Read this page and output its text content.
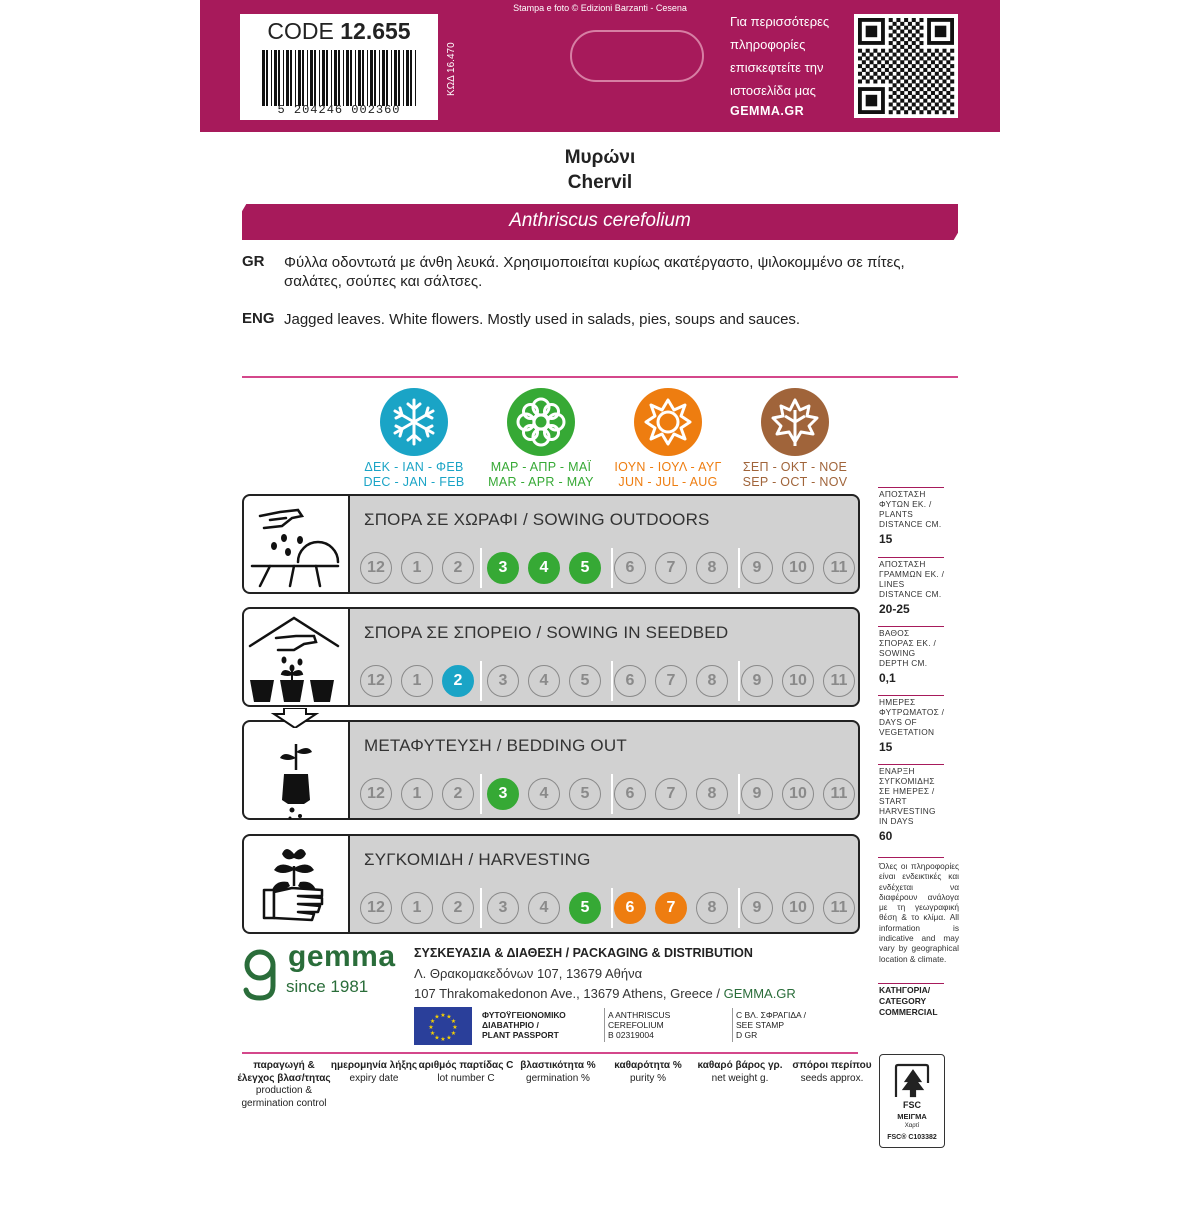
CODE 12.655
5 204246 002360
ΚΩΔ 16.470
Stampa e foto © Edizioni Barzanti - Cesena
Για περισσότερες
πληροφορίες
επισκεφτείτε την
ιστοσελίδα μας
GEMMA.GR
Μυρώνι
Chervil
Anthriscus cerefolium
GR Φύλλα οδοντωτά με άνθη λευκά. Χρησιμοποιείται κυρίως ακατέργαστο, ψιλοκομμένο σε πίτες, σαλάτες, σούπες και σάλτσες.
ENG Jagged leaves. White flowers. Mostly used in salads, pies, soups and sauces.
ΔΕΚ - ΙΑΝ - ΦΕΒ
DEC - JAN - FEB
ΜΑΡ - ΑΠΡ - ΜΑΪ
MAR - APR - MAY
ΙΟΥΝ - ΙΟΥΛ - ΑΥΓ
JUN - JUL - AUG
ΣΕΠ - ΟΚΤ - ΝΟΕ
SEP - OCT - NOV
ΣΠΟΡΑ ΣΕ ΧΩΡΑΦΙ / SOWING OUTDOORS
12	1	2	3	4	5	6	7	8	9	10	11
ΣΠΟΡΑ ΣΕ ΣΠΟΡΕΙΟ / SOWING IN SEEDBED
12	1	2	3	4	5	6	7	8	9	10	11
ΜΕΤΑΦΥΤΕΥΣΗ / BEDDING OUT
12	1	2	3	4	5	6	7	8	9	10	11
ΣΥΓΚΟΜΙΔΗ / HARVESTING
12	1	2	3	4	5	6	7	8	9	10	11
ΑΠΟΣΤΑΣΗ
ΦΥΤΩΝ ΕΚ. /
PLANTS
DISTANCE CM.
15
ΑΠΟΣΤΑΣΗ
ΓΡΑΜΜΩΝ ΕΚ. /
LINES
DISTANCE CM.
20-25
ΒΑΘΟΣ
ΣΠΟΡΑΣ ΕΚ. /
SOWING
DEPTH CM.
0,1
ΗΜΕΡΕΣ
ΦΥΤΡΩΜΑΤΟΣ /
DAYS OF
VEGETATION
15
ΕΝΑΡΞΗ
ΣΥΓΚΟΜΙΔΗΣ
ΣΕ ΗΜΕΡΕΣ /
START
HARVESTING
IN DAYS
60
Όλες οι πληροφορίες είναι ενδεικτικές και ενδέχεται να διαφέρουν ανάλογα με τη γεωγραφική θέση & το κλίμα. All information is indicative and may vary by geographical location & climate.
gemma
since 1981
ΣΥΣΚΕΥΑΣΙΑ & ΔΙΑΘΕΣΗ / PACKAGING & DISTRIBUTION
Λ. Θρακομακεδόνων 107, 13679 Αθήνα
107 Thrakomakedonon Ave., 13679 Athens, Greece / GEMMA.GR
★
★
★
★
★
★
★
★
★ ★ ★
★
ΦΥΤΟΫΓΕΙΟΝΟΜΙΚΟ
ΔΙΑΒΑΤΗΡΙΟ /
PLANT PASSPORT
A ANTHRISCUS
CEREFOLIUM
B 02319004
C ΒΛ. ΣΦΡΑΓΙΔΑ /
SEE STAMP
D GR
ΚΑΤΗΓΟΡΙΑ/
CATEGORY
COMMERCIAL
παραγωγή & έλεγχος βλασ/τητας
production & germination control
ημερομηνία λήξης
expiry date
αριθμός παρτίδας C
lot number C
βλαστικότητα %
germination %
καθαρότητα %
purity %
καθαρό βάρος γρ.
net weight g.
σπόροι περίπου
seeds approx.
FSC
ΜΕΙΓΜΑ
Χαρτί
FSC® C103382
